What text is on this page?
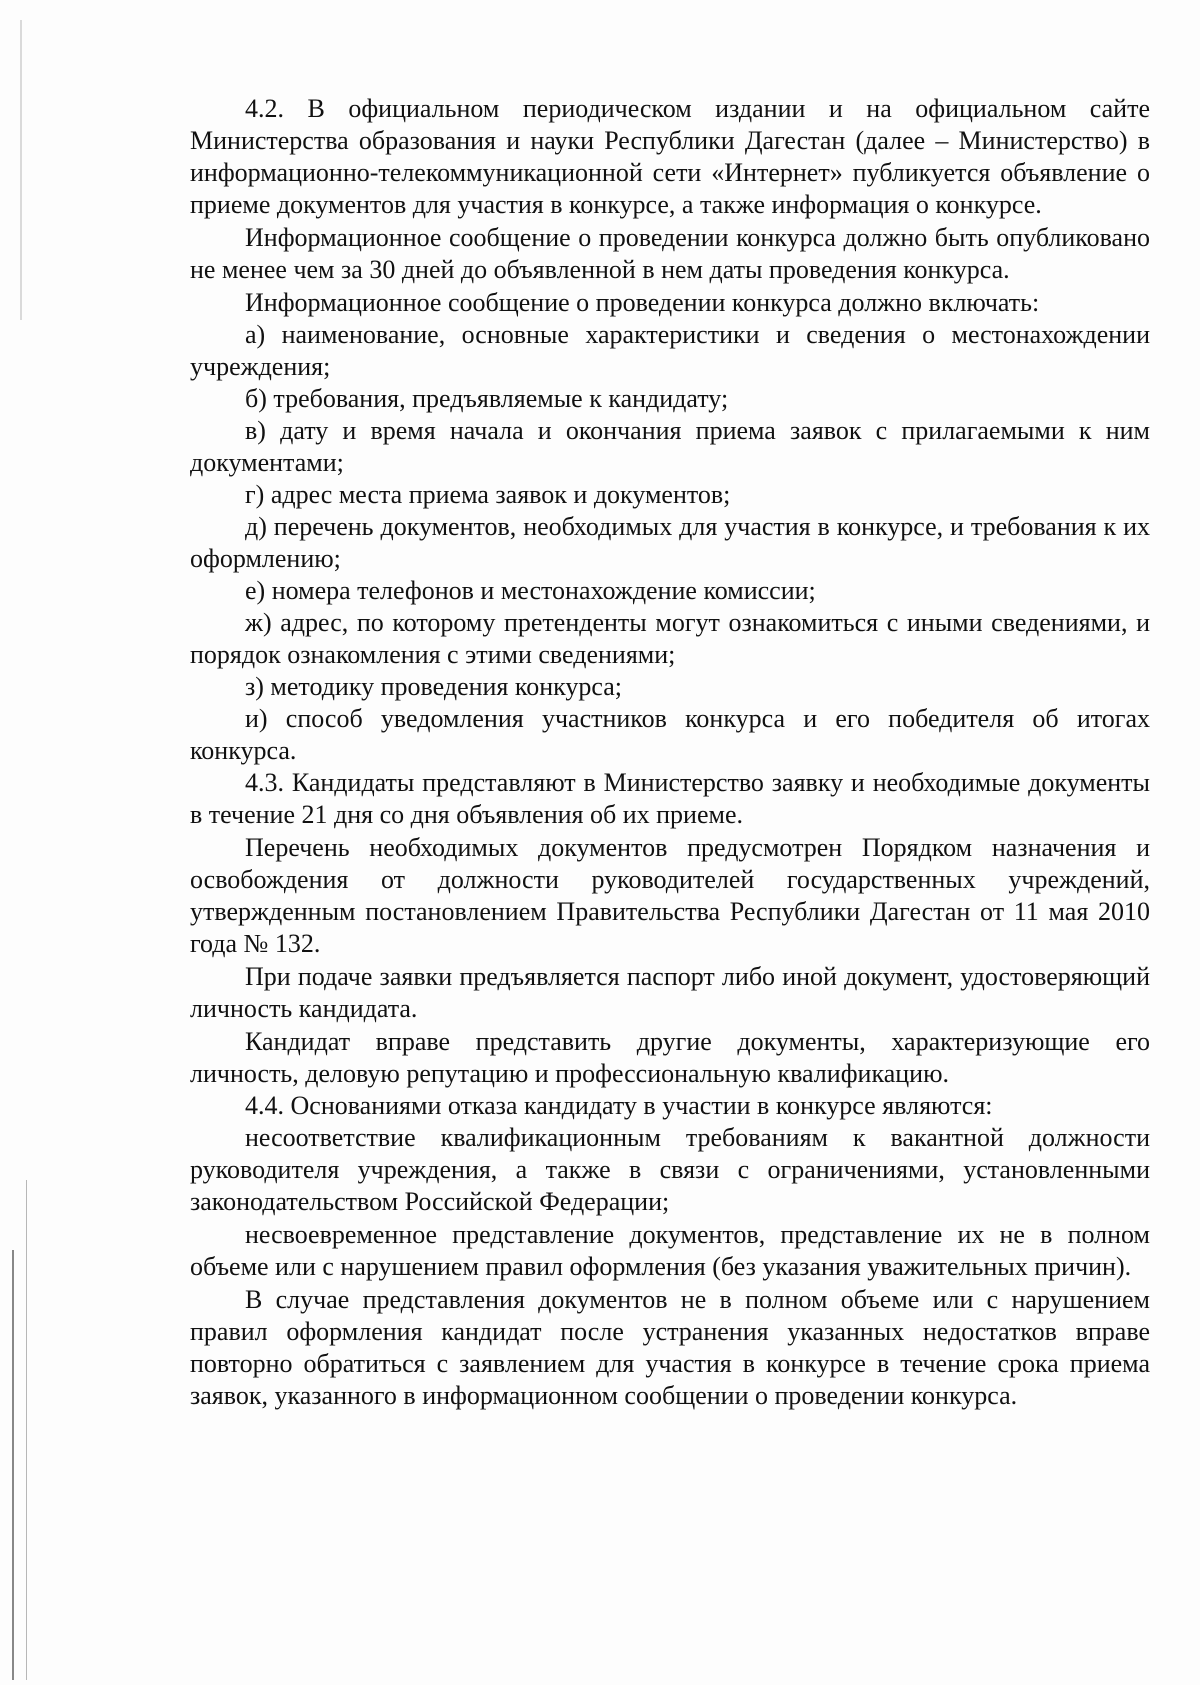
4.2. В официальном периодическом издании и на официальном сайте Министерства образования и науки Республики Дагестан (далее – Министерство) в информационно-телекоммуникационной сети «Интернет» публикуется объявление о приеме документов для участия в конкурсе, а также информация о конкурсе.

Информационное сообщение о проведении конкурса должно быть опубликовано не менее чем за 30 дней до объявленной в нем даты проведения конкурса.

Информационное сообщение о проведении конкурса должно включать:

а) наименование, основные характеристики и сведения о местонахождении учреждения;

б) требования, предъявляемые к кандидату;

в) дату и время начала и окончания приема заявок с прилагаемыми к ним документами;

г) адрес места приема заявок и документов;

д) перечень документов, необходимых для участия в конкурсе, и требования к их оформлению;

е) номера телефонов и местонахождение комиссии;

ж) адрес, по которому претенденты могут ознакомиться с иными сведениями, и порядок ознакомления с этими сведениями;

з) методику проведения конкурса;

и) способ уведомления участников конкурса и его победителя об итогах конкурса.

4.3. Кандидаты представляют в Министерство заявку и необходимые документы в течение 21 дня со дня объявления об их приеме.

Перечень необходимых документов предусмотрен Порядком назначения и освобождения от должности руководителей государственных учреждений, утвержденным постановлением Правительства Республики Дагестан от 11 мая 2010 года № 132.

При подаче заявки предъявляется паспорт либо иной документ, удостоверяющий личность кандидата.

Кандидат вправе представить другие документы, характеризующие его личность, деловую репутацию и профессиональную квалификацию.

4.4. Основаниями отказа кандидату в участии в конкурсе являются:

несоответствие квалификационным требованиям к вакантной должности руководителя учреждения, а также в связи с ограничениями, установленными законодательством Российской Федерации;

несвоевременное представление документов, представление их не в полном объеме или с нарушением правил оформления (без указания уважительных причин).

В случае представления документов не в полном объеме или с нарушением правил оформления кандидат после устранения указанных недостатков вправе повторно обратиться с заявлением для участия в конкурсе в течение срока приема заявок, указанного в информационном сообщении о проведении конкурса.
